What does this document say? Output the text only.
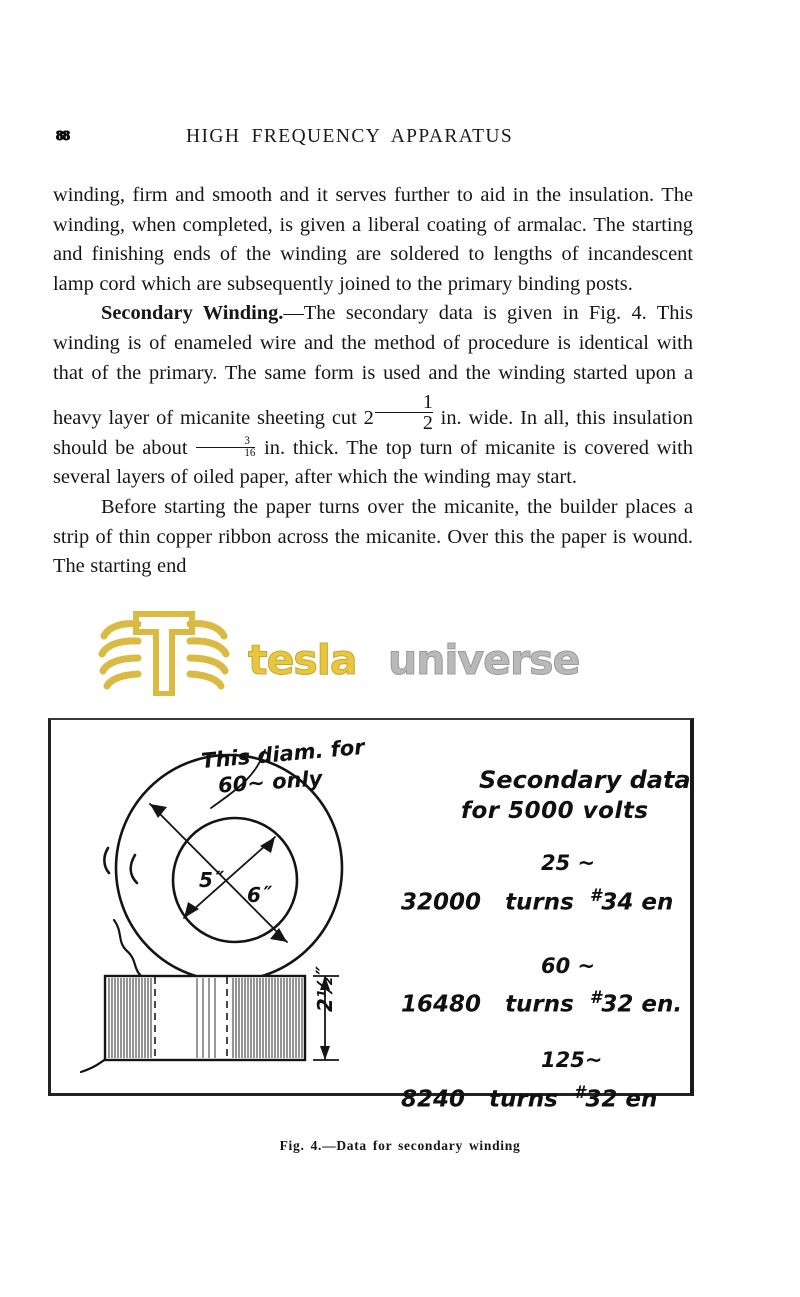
88	HIGH FREQUENCY APPARATUS

winding, firm and smooth and it serves further to aid in the insulation. The winding, when completed, is given a liberal coating of armalac. The starting and finishing ends of the winding are soldered to lengths of incandescent lamp cord which are subsequently joined to the primary binding posts.

Secondary Winding.—The secondary data is given in Fig. 4. This winding is of enameled wire and the method of procedure is identical with that of the primary. The same form is used and the winding started upon a heavy layer of micanite sheeting cut $2 \frac{1}{2}$ in. wide. In all, this insulation should be about $\frac{3}{16}$ in. thick. The top turn of micanite is covered with several layers of oiled paper, after which the winding may start.

Before starting the paper turns over the micanite, the builder places a strip of thin copper ribbon across the micanite. Over this the paper is wound. The starting end

tesla universe
This diam. for
60~ only
5˝
6˝
2½˝
Secondary data
for 5000 volts
25 ~
32000 turns #34 en
60 ~
16480 turns #32 en.
125~
8240 turns #32 en
Fig. 4.—Data for secondary winding
